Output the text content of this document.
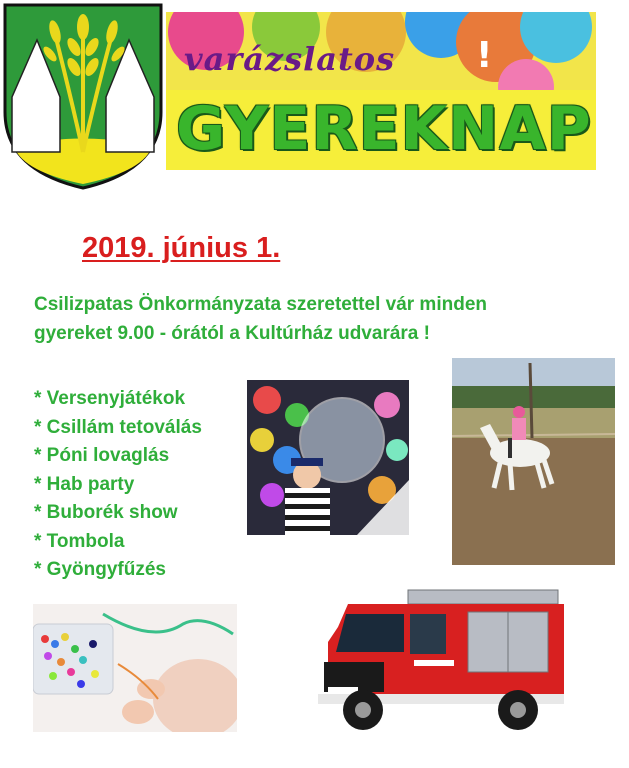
!
varázslatos
GYEREKNAP
2019. június 1.
Csilizpatas Önkormányzata szeretettel vár minden
gyereket 9.00 - órától a Kultúrház udvarára !
* Versenyjátékok
* Csillám tetoválás
* Póni lovaglás
* Hab party
* Buborék show
* Tombola
* Gyöngyfűzés
